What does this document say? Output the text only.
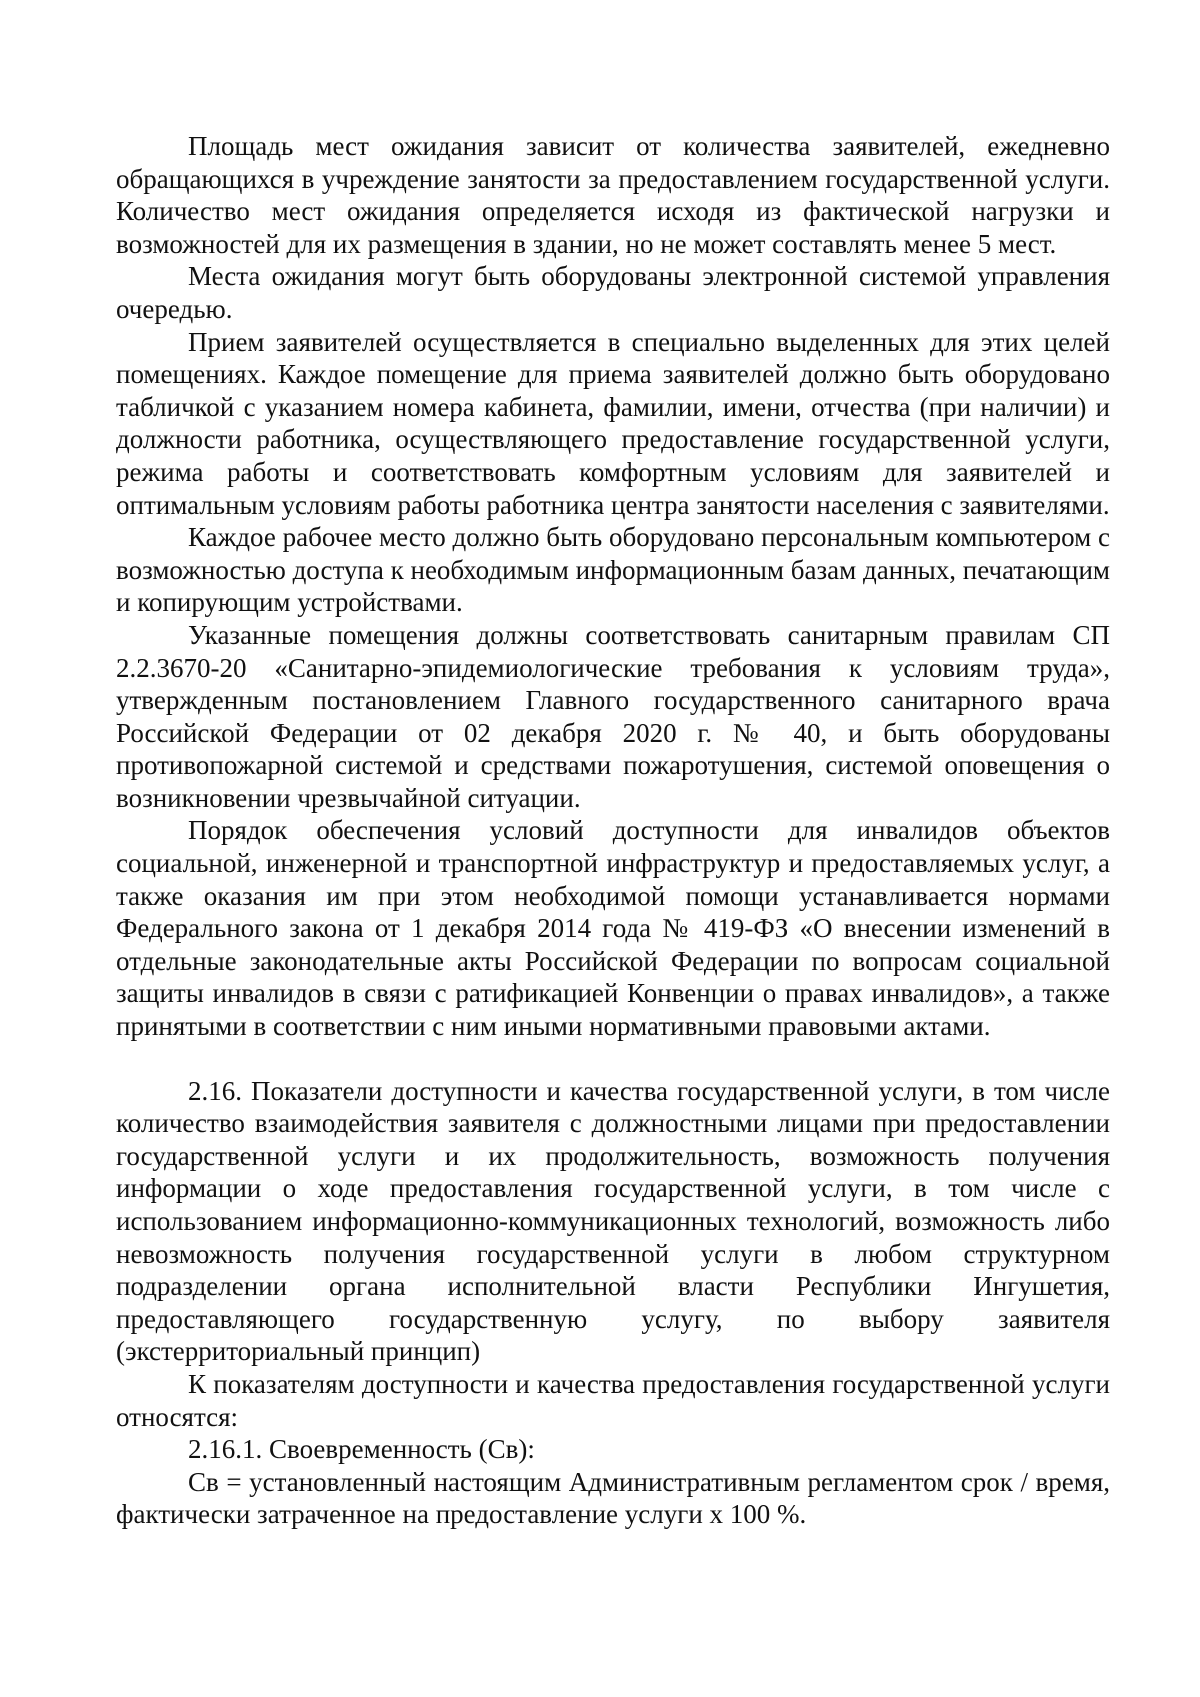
Площадь мест ожидания зависит от количества заявителей, ежедневно обращающихся в учреждение занятости за предоставлением государственной услуги. Количество мест ожидания определяется исходя из фактической нагрузки и возможностей для их размещения в здании, но не может составлять менее 5 мест.

Места ожидания могут быть оборудованы электронной системой управления очередью.

Прием заявителей осуществляется в специально выделенных для этих целей помещениях. Каждое помещение для приема заявителей должно быть оборудовано табличкой с указанием номера кабинета, фамилии, имени, отчества (при наличии) и должности работника, осуществляющего предоставление государственной услуги, режима работы и соответствовать комфортным условиям для заявителей и оптимальным условиям работы работника центра занятости населения с заявителями.

Каждое рабочее место должно быть оборудовано персональным компьютером с возможностью доступа к необходимым информационным базам данных, печатающим и копирующим устройствами.

Указанные помещения должны соответствовать санитарным правилам СП 2.2.3670-20 «Санитарно-эпидемиологические требования к условиям труда», утвержденным постановлением Главного государственного санитарного врача Российской Федерации от 02 декабря 2020 г. № 40, и быть оборудованы противопожарной системой и средствами пожаротушения, системой оповещения о возникновении чрезвычайной ситуации.

Порядок обеспечения условий доступности для инвалидов объектов социальной, инженерной и транспортной инфраструктур и предоставляемых услуг, а также оказания им при этом необходимой помощи устанавливается нормами Федерального закона от 1 декабря 2014 года № 419-ФЗ «О внесении изменений в отдельные законодательные акты Российской Федерации по вопросам социальной защиты инвалидов в связи с ратификацией Конвенции о правах инвалидов», а также принятыми в соответствии с ним иными нормативными правовыми актами.

2.16. Показатели доступности и качества государственной услуги, в том числе количество взаимодействия заявителя с должностными лицами при предоставлении государственной услуги и их продолжительность, возможность получения информации о ходе предоставления государственной услуги, в том числе с использованием информационно-коммуникационных технологий, возможность либо невозможность получения государственной услуги в любом структурном подразделении органа исполнительной власти Республики Ингушетия, предоставляющего государственную услугу, по выбору заявителя (экстерриториальный принцип)

К показателям доступности и качества предоставления государственной услуги относятся:

2.16.1. Своевременность (Св):

Св = установленный настоящим Административным регламентом срок / время, фактически затраченное на предоставление услуги x 100 %.
